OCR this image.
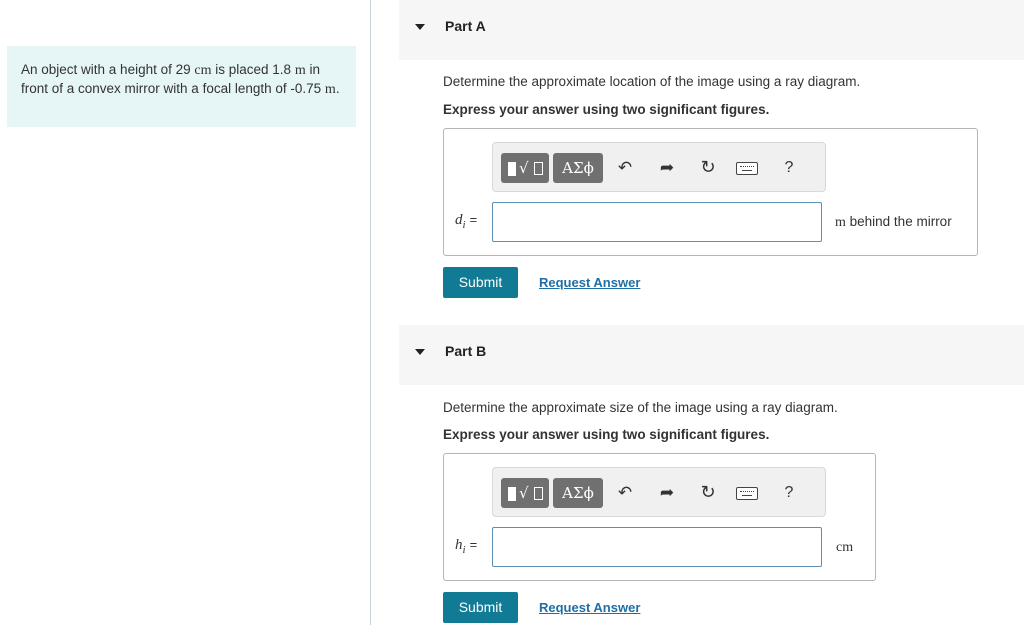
An object with a height of 29 cm is placed 1.8 m in front of a convex mirror with a focal length of -0.75 m.
Part A
Determine the approximate location of the image using a ray diagram.
Express your answer using two significant figures.
√	ΑΣϕ	↶	➦	↻	?
$d_i$ =	m behind the mirror
Submit	Request Answer
Part B
Determine the approximate size of the image using a ray diagram.
Express your answer using two significant figures.
√	ΑΣϕ	↶	➦	↻	?
$h_i$ =	cm
Submit	Request Answer
